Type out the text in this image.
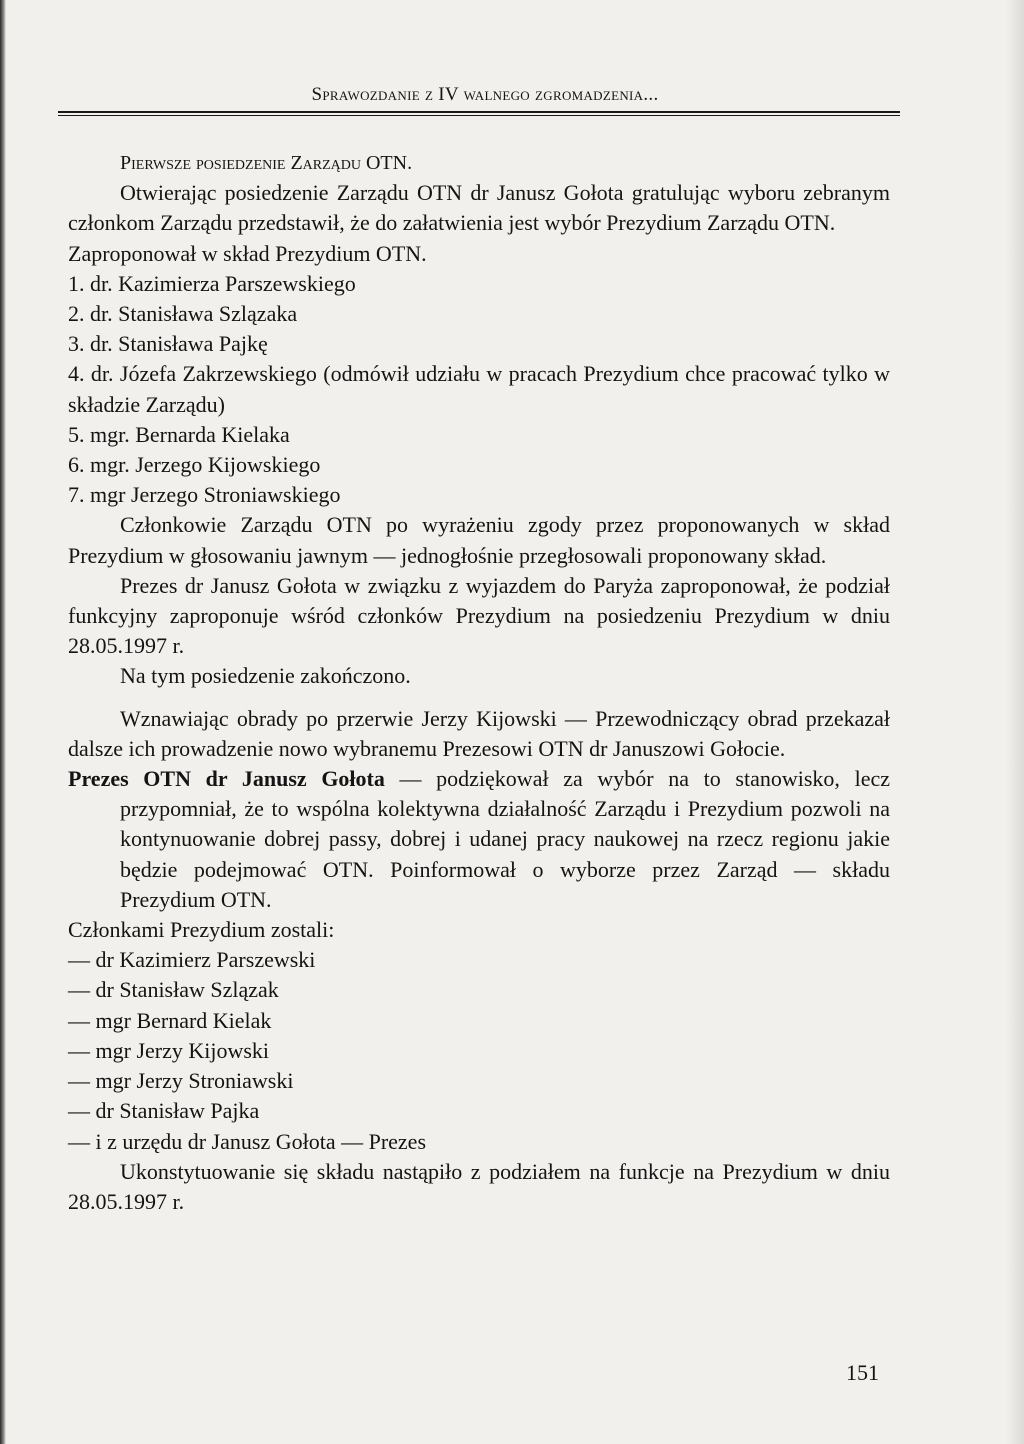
Sprawozdanie z IV walnego zgromadzenia...

Pierwsze posiedzenie Zarządu OTN.

Otwierając posiedzenie Zarządu OTN dr Janusz Gołota gratulując wyboru zebranym członkom Zarządu przedstawił, że do załatwienia jest wybór Prezydium Zarządu OTN.

Zaproponował w skład Prezydium OTN.

1. dr. Kazimierza Parszewskiego

2. dr. Stanisława Szlązaka

3. dr. Stanisława Pajkę

4. dr. Józefa Zakrzewskiego (odmówił udziału w pracach Prezydium chce pracować tylko w składzie Zarządu)

5. mgr. Bernarda Kielaka

6. mgr. Jerzego Kijowskiego

7. mgr Jerzego Stroniawskiego

Członkowie Zarządu OTN po wyrażeniu zgody przez proponowanych w skład Prezydium w głosowaniu jawnym — jednogłośnie przegłosowali proponowany skład.

Prezes dr Janusz Gołota w związku z wyjazdem do Paryża zaproponował, że podział funkcyjny zaproponuje wśród członków Prezydium na posiedzeniu Prezydium w dniu 28.05.1997 r.

Na tym posiedzenie zakończono.

Wznawiając obrady po przerwie Jerzy Kijowski — Przewodniczący obrad przekazał dalsze ich prowadzenie nowo wybranemu Prezesowi OTN dr Januszowi Gołocie.

Prezes OTN dr Janusz Gołota — podziękował za wybór na to stanowisko, lecz przypomniał, że to wspólna kolektywna działalność Zarządu i Prezydium pozwoli na kontynuowanie dobrej passy, dobrej i udanej pracy naukowej na rzecz regionu jakie będzie podejmować OTN. Poinformował o wyborze przez Zarząd — składu Prezydium OTN.

Członkami Prezydium zostali:

— dr Kazimierz Parszewski

— dr Stanisław Szlązak

— mgr Bernard Kielak

— mgr Jerzy Kijowski

— mgr Jerzy Stroniawski

— dr Stanisław Pajka

— i z urzędu dr Janusz Gołota — Prezes

Ukonstytuowanie się składu nastąpiło z podziałem na funkcje na Prezydium w dniu 28.05.1997 r.

151
